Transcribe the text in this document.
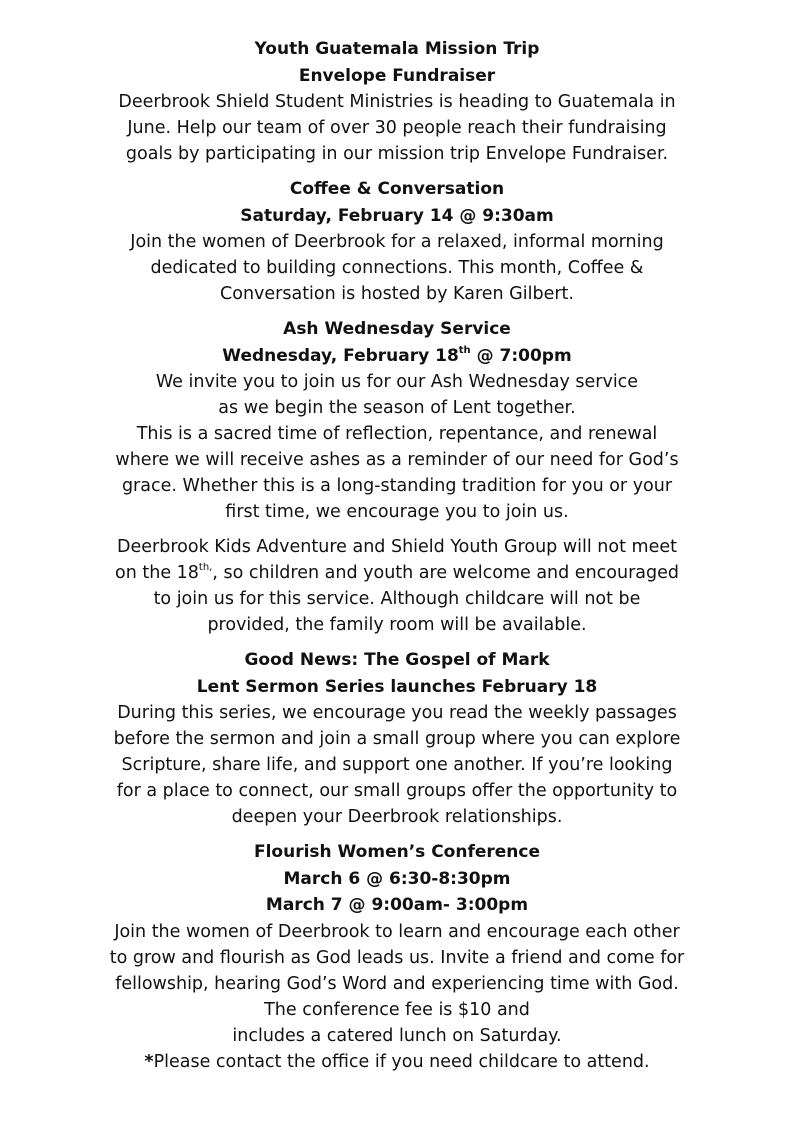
Youth Guatemala Mission Trip
Envelope Fundraiser
Deerbrook Shield Student Ministries is heading to Guatemala in
June. Help our team of over 30 people reach their fundraising
goals by participating in our mission trip Envelope Fundraiser.
Coffee & Conversation
Saturday, February 14 @ 9:30am
Join the women of Deerbrook for a relaxed, informal morning
dedicated to building connections. This month, Coffee &
Conversation is hosted by Karen Gilbert.
Ash Wednesday Service
Wednesday, February 18th @ 7:00pm
We invite you to join us for our Ash Wednesday service
as we begin the season of Lent together.
This is a sacred time of reflection, repentance, and renewal
where we will receive ashes as a reminder of our need for God’s
grace. Whether this is a long-standing tradition for you or your
first time, we encourage you to join us.
Deerbrook Kids Adventure and Shield Youth Group will not meet
on the $18^{th,}$, so children and youth are welcome and encouraged
to join us for this service. Although childcare will not be
provided, the family room will be available.
Good News: The Gospel of Mark
Lent Sermon Series launches February 18
During this series, we encourage you read the weekly passages
before the sermon and join a small group where you can explore
Scripture, share life, and support one another. If you’re looking
for a place to connect, our small groups offer the opportunity to
deepen your Deerbrook relationships.
Flourish Women’s Conference
March 6 @ 6:30-8:30pm
March 7 @ 9:00am- 3:00pm
Join the women of Deerbrook to learn and encourage each other
to grow and flourish as God leads us. Invite a friend and come for
fellowship, hearing God’s Word and experiencing time with God.
The conference fee is $10 and
includes a catered lunch on Saturday.
*Please contact the office if you need childcare to attend.
